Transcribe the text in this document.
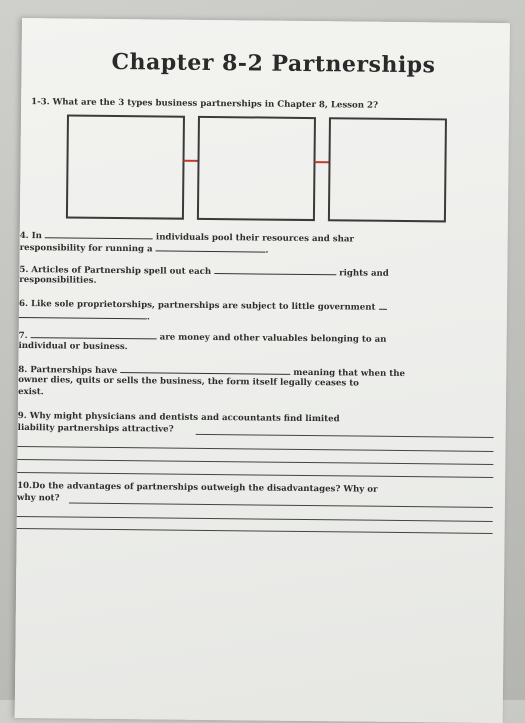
Chapter 8-2 Partnerships
1-3. What are the 3 types business partnerships in Chapter 8, Lesson 2?
4. In	individuals pool their resources and shar
responsibility for running a	.
5. Articles of Partnership spell out each	rights and
responsibilities.
6. Like sole proprietorships, partnerships are subject to little government
.
7.	are money and other valuables belonging to an
individual or business.
8. Partnerships have	meaning that when the
owner dies, quits or sells the business, the form itself legally ceases to
exist.
9. Why might physicians and dentists and accountants find limited
liability partnerships attractive?
10.Do the advantages of partnerships outweigh the disadvantages? Why or
why not?
